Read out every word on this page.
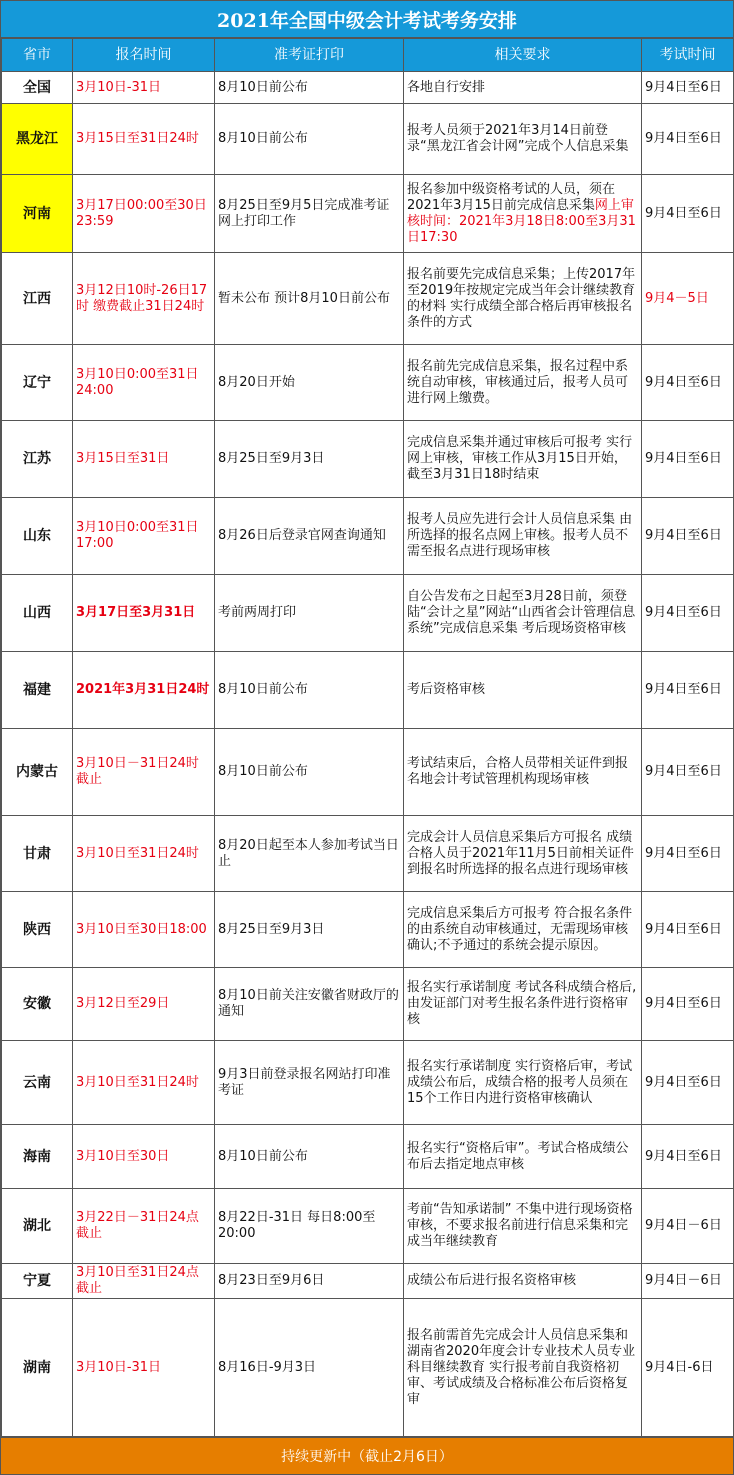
2021年全国中级会计考试考务安排
省市	报名时间	准考证打印	相关要求	考试时间
全国	3月10日-31日	8月10日前公布	各地自行安排	9月4日至6日
黑龙江	3月15日至31日24时	8月10日前公布	报考人员须于2021年3月14日前登录“黑龙江省会计网”完成个人信息采集	9月4日至6日
河南	3月17日00:00至30日23:59	8月25日至9月5日完成准考证网上打印工作	报名参加中级资格考试的人员，须在2021年3月15日前完成信息采集网上审核时间：2021年3月18日8:00至3月31日17:30	9月4日至6日
江西	3月12日10时-26日17时 缴费截止31日24时	暂未公布 预计8月10日前公布	报名前要先完成信息采集；上传2017年至2019年按规定完成当年会计继续教育的材料 实行成绩全部合格后再审核报名条件的方式	9月4－5日
辽宁	3月10日0:00至31日24:00	8月20日开始	报名前先完成信息采集，报名过程中系统自动审核，审核通过后，报考人员可进行网上缴费。	9月4日至6日
江苏	3月15日至31日	8月25日至9月3日	完成信息采集并通过审核后可报考 实行网上审核，审核工作从3月15日开始，截至3月31日18时结束	9月4日至6日
山东	3月10日0:00至31日17:00	8月26日后登录官网查询通知	报考人员应先进行会计人员信息采集 由所选择的报名点网上审核。报考人员不需至报名点进行现场审核	9月4日至6日
山西	3月17日至3月31日	考前两周打印	自公告发布之日起至3月28日前，须登陆“会计之星”网站“山西省会计管理信息系统”完成信息采集 考后现场资格审核	9月4日至6日
福建	2021年3月31日24时	8月10日前公布	考后资格审核	9月4日至6日
内蒙古	3月10日－31日24时截止	8月10日前公布	考试结束后，合格人员带相关证件到报名地会计考试管理机构现场审核	9月4日至6日
甘肃	3月10日至31日24时	8月20日起至本人参加考试当日止	完成会计人员信息采集后方可报名 成绩合格人员于2021年11月5日前相关证件到报名时所选择的报名点进行现场审核	9月4日至6日
陕西	3月10日至30日18:00	8月25日至9月3日	完成信息采集后方可报考 符合报名条件的由系统自动审核通过，无需现场审核确认;不予通过的系统会提示原因。	9月4日至6日
安徽	3月12日至29日	8月10日前关注安徽省财政厅的通知	报名实行承诺制度 考试各科成绩合格后,由发证部门对考生报名条件进行资格审核	9月4日至6日
云南	3月10日至31日24时	9月3日前登录报名网站打印准考证	报名实行承诺制度 实行资格后审，考试成绩公布后，成绩合格的报考人员须在15个工作日内进行资格审核确认	9月4日至6日
海南	3月10日至30日	8月10日前公布	报名实行“资格后审”。考试合格成绩公布后去指定地点审核	9月4日至6日
湖北	3月22日－31日24点截止	8月22日-31日 每日8:00至20:00	考前“告知承诺制” 不集中进行现场资格审核，不要求报名前进行信息采集和完成当年继续教育	9月4日－6日
宁夏	3月10日至31日24点截止	8月23日至9月6日	成绩公布后进行报名资格审核	9月4日－6日
湖南	3月10日-31日	8月16日-9月3日	报名前需首先完成会计人员信息采集和湖南省2020年度会计专业技术人员专业科目继续教育 实行报考前自我资格初审、考试成绩及合格标准公布后资格复审	9月4日-6日
持续更新中（截止2月6日）
